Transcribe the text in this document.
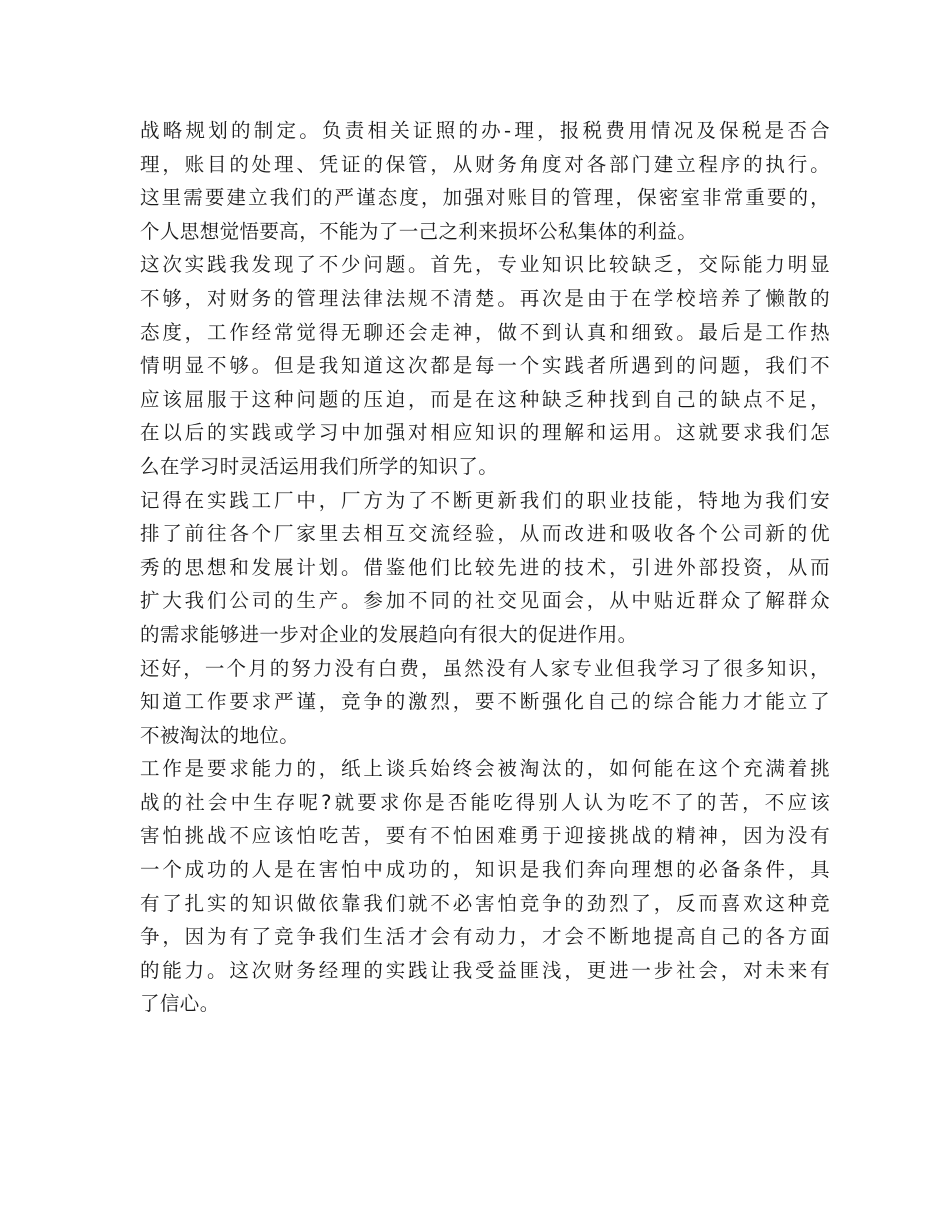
战略规划的制定。负责相关证照的办-理，报税费用情况及保税是否合
理，账目的处理、凭证的保管，从财务角度对各部门建立程序的执行。
这里需要建立我们的严谨态度，加强对账目的管理，保密室非常重要的，
个人思想觉悟要高，不能为了一己之利来损坏公私集体的利益。
这次实践我发现了不少问题。首先，专业知识比较缺乏，交际能力明显
不够，对财务的管理法律法规不清楚。再次是由于在学校培养了懒散的
态度，工作经常觉得无聊还会走神，做不到认真和细致。最后是工作热
情明显不够。但是我知道这次都是每一个实践者所遇到的问题，我们不
应该屈服于这种问题的压迫，而是在这种缺乏种找到自己的缺点不足，
在以后的实践或学习中加强对相应知识的理解和运用。这就要求我们怎
么在学习时灵活运用我们所学的知识了。
记得在实践工厂中，厂方为了不断更新我们的职业技能，特地为我们安
排了前往各个厂家里去相互交流经验，从而改进和吸收各个公司新的优
秀的思想和发展计划。借鉴他们比较先进的技术，引进外部投资，从而
扩大我们公司的生产。参加不同的社交见面会，从中贴近群众了解群众
的需求能够进一步对企业的发展趋向有很大的促进作用。
还好，一个月的努力没有白费，虽然没有人家专业但我学习了很多知识，
知道工作要求严谨，竞争的激烈，要不断强化自己的综合能力才能立了
不被淘汰的地位。
工作是要求能力的，纸上谈兵始终会被淘汰的，如何能在这个充满着挑
战的社会中生存呢?就要求你是否能吃得别人认为吃不了的苦，不应该
害怕挑战不应该怕吃苦，要有不怕困难勇于迎接挑战的精神，因为没有
一个成功的人是在害怕中成功的，知识是我们奔向理想的必备条件，具
有了扎实的知识做依靠我们就不必害怕竞争的劲烈了，反而喜欢这种竞
争，因为有了竞争我们生活才会有动力，才会不断地提高自己的各方面
的能力。这次财务经理的实践让我受益匪浅，更进一步社会，对未来有
了信心。
